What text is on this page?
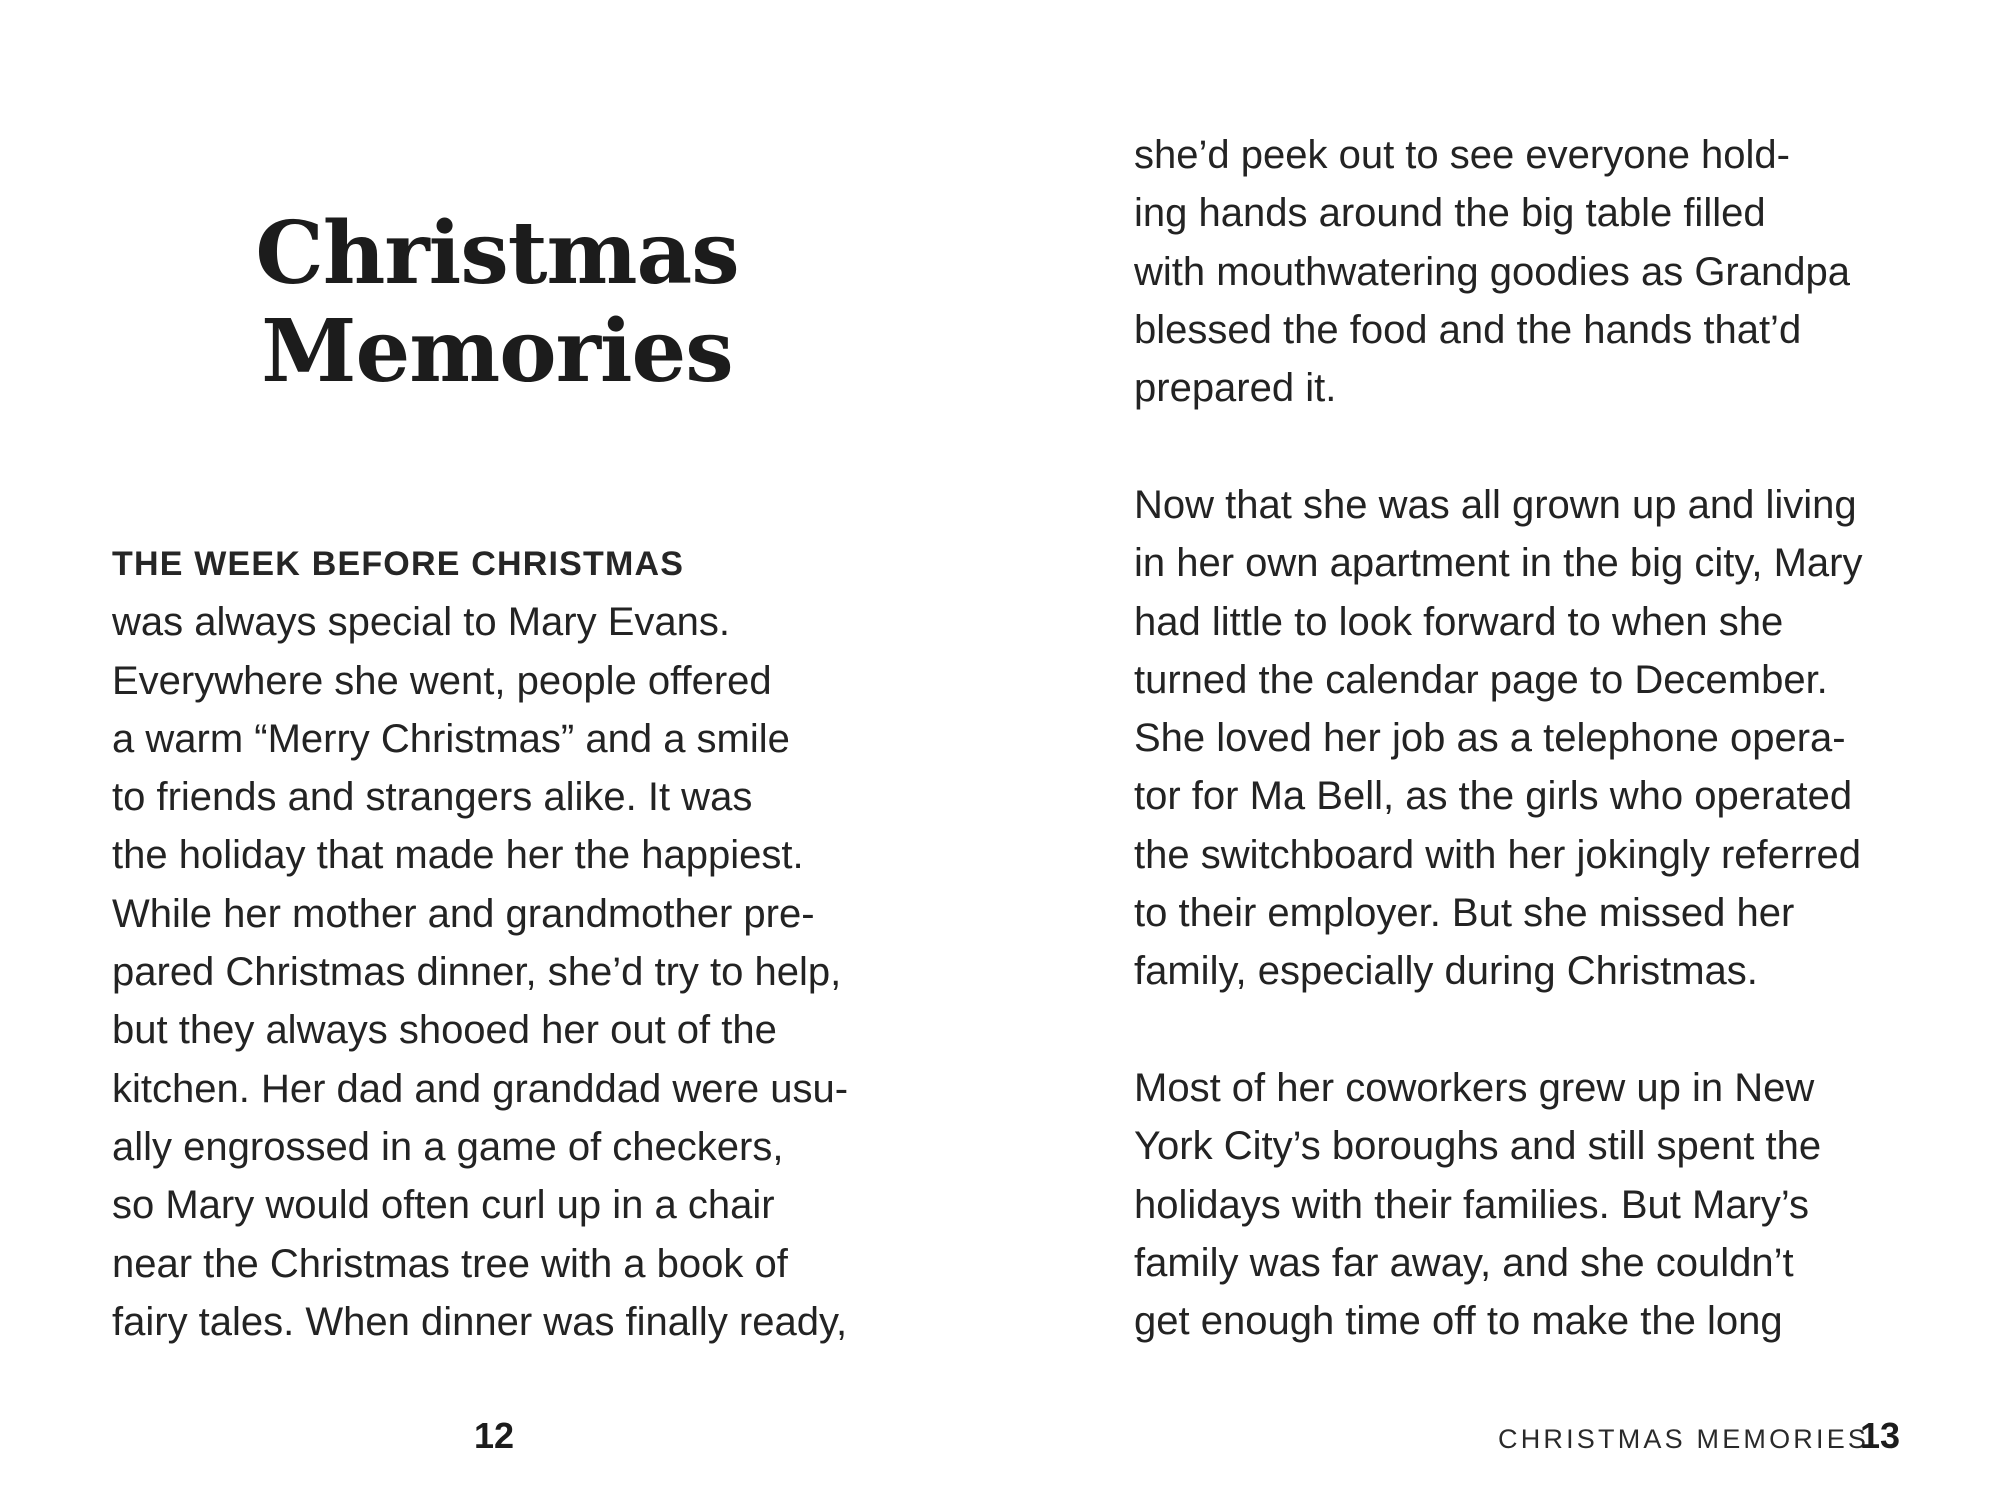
Christmas
Memories

THE WEEK BEFORE CHRISTMAS
was always special to Mary Evans.
Everywhere she went, people offered
a warm “Merry Christmas” and a smile
to friends and strangers alike. It was
the holiday that made her the happiest.
While her mother and grandmother pre-
pared Christmas dinner, she’d try to help,
but they always shooed her out of the
kitchen. Her dad and granddad were usu-
ally engrossed in a game of checkers,
so Mary would often curl up in a chair
near the Christmas tree with a book of
fairy tales. When dinner was finally ready,

12

she’d peek out to see everyone hold-
ing hands around the big table filled
with mouthwatering goodies as Grandpa
blessed the food and the hands that’d
prepared it.

Now that she was all grown up and living
in her own apartment in the big city, Mary
had little to look forward to when she
turned the calendar page to December.
She loved her job as a telephone opera-
tor for Ma Bell, as the girls who operated
the switchboard with her jokingly referred
to their employer. But she missed her
family, especially during Christmas.

Most of her coworkers grew up in New
York City’s boroughs and still spent the
holidays with their families. But Mary’s
family was far away, and she couldn’t
get enough time off to make the long

CHRISTMAS MEMORIES
13
